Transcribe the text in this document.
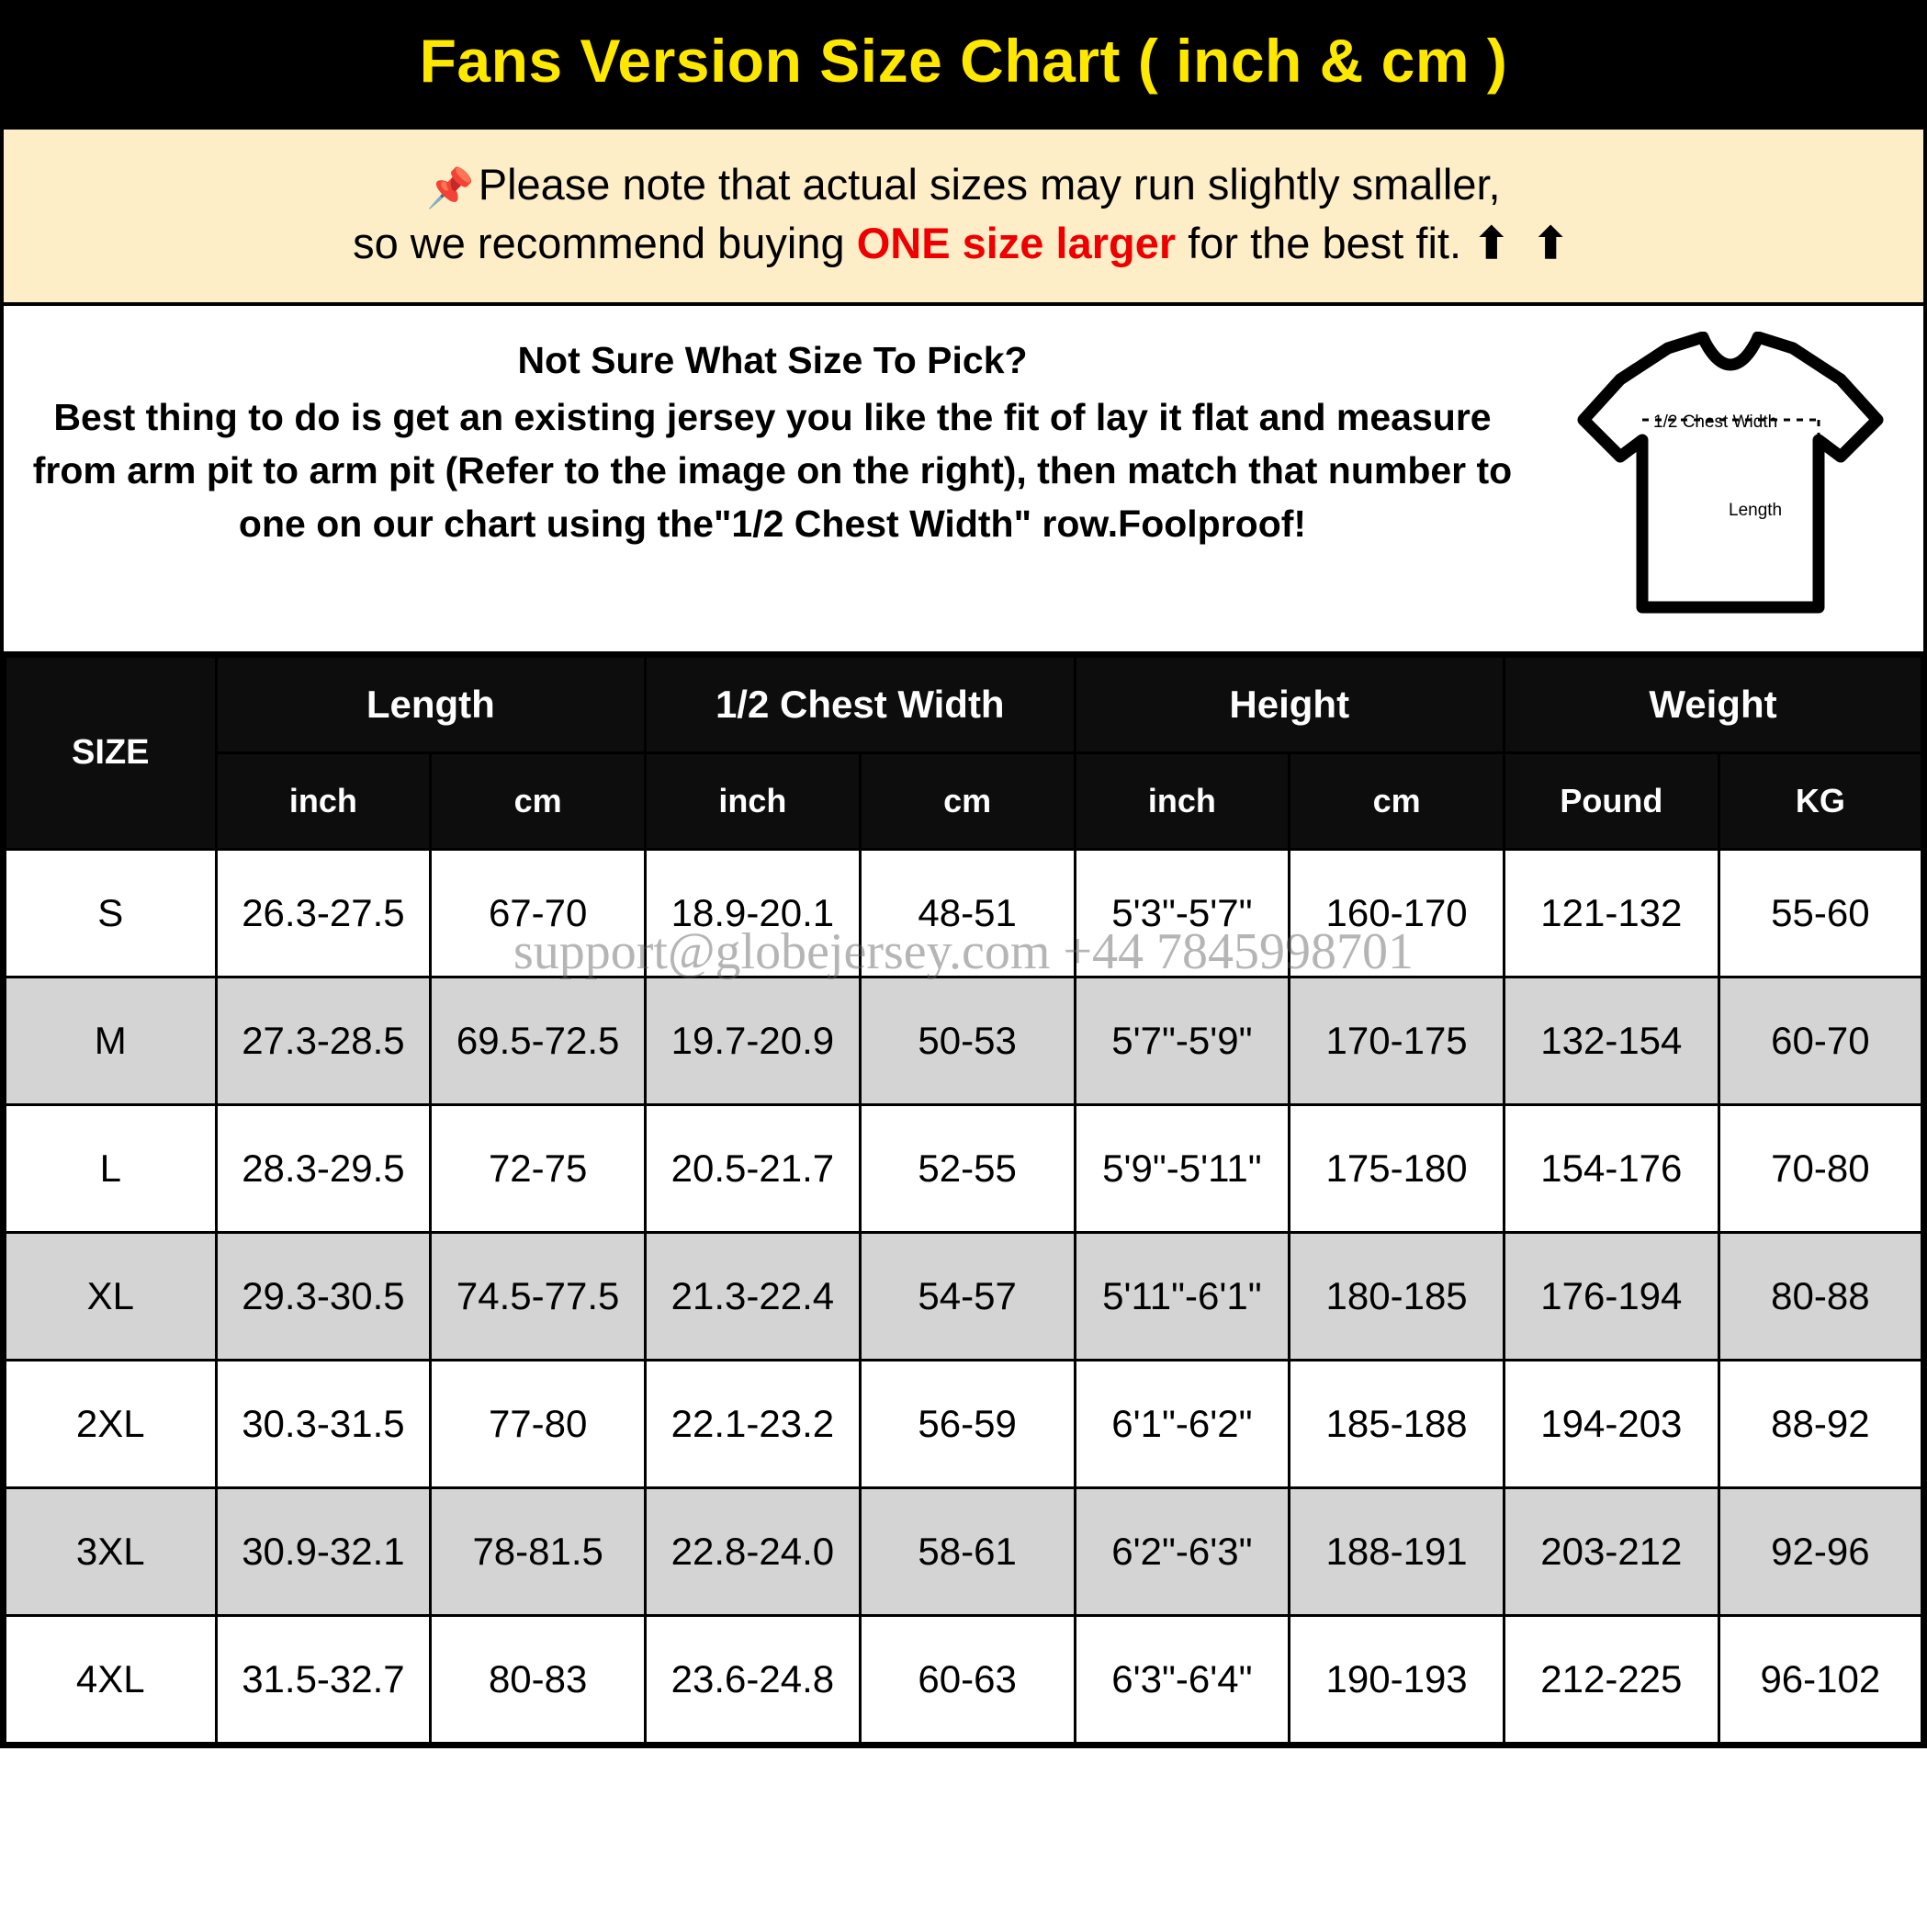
Fans Version Size Chart ( inch & cm )
📌Please note that actual sizes may run slightly smaller,
so we recommend buying ONE size larger for the best fit. ⬆ ⬆
Not Sure What Size To Pick?
Best thing to do is get an existing jersey you like the fit of lay it flat and measure from arm pit to arm pit (Refer to the image on the right), then match that number to one on our chart using the"1/2 Chest Width" row.Foolproof!
1/2 Chest Width
Length
SIZE	Length		1/2 Chest Width		Height		Weight	
	inch	cm	inch	cm	inch	cm	Pound	KG
S	26.3-27.5	67-70	18.9-20.1	48-51	5'3"-5'7"	160-170	121-132	55-60
M	27.3-28.5	69.5-72.5	19.7-20.9	50-53	5'7"-5'9"	170-175	132-154	60-70
L	28.3-29.5	72-75	20.5-21.7	52-55	5'9"-5'11"	175-180	154-176	70-80
XL	29.3-30.5	74.5-77.5	21.3-22.4	54-57	5'11"-6'1"	180-185	176-194	80-88
2XL	30.3-31.5	77-80	22.1-23.2	56-59	6'1"-6'2"	185-188	194-203	88-92
3XL	30.9-32.1	78-81.5	22.8-24.0	58-61	6'2"-6'3"	188-191	203-212	92-96
4XL	31.5-32.7	80-83	23.6-24.8	60-63	6'3"-6'4"	190-193	212-225	96-102
support@globejersey.com +44 7845998701
